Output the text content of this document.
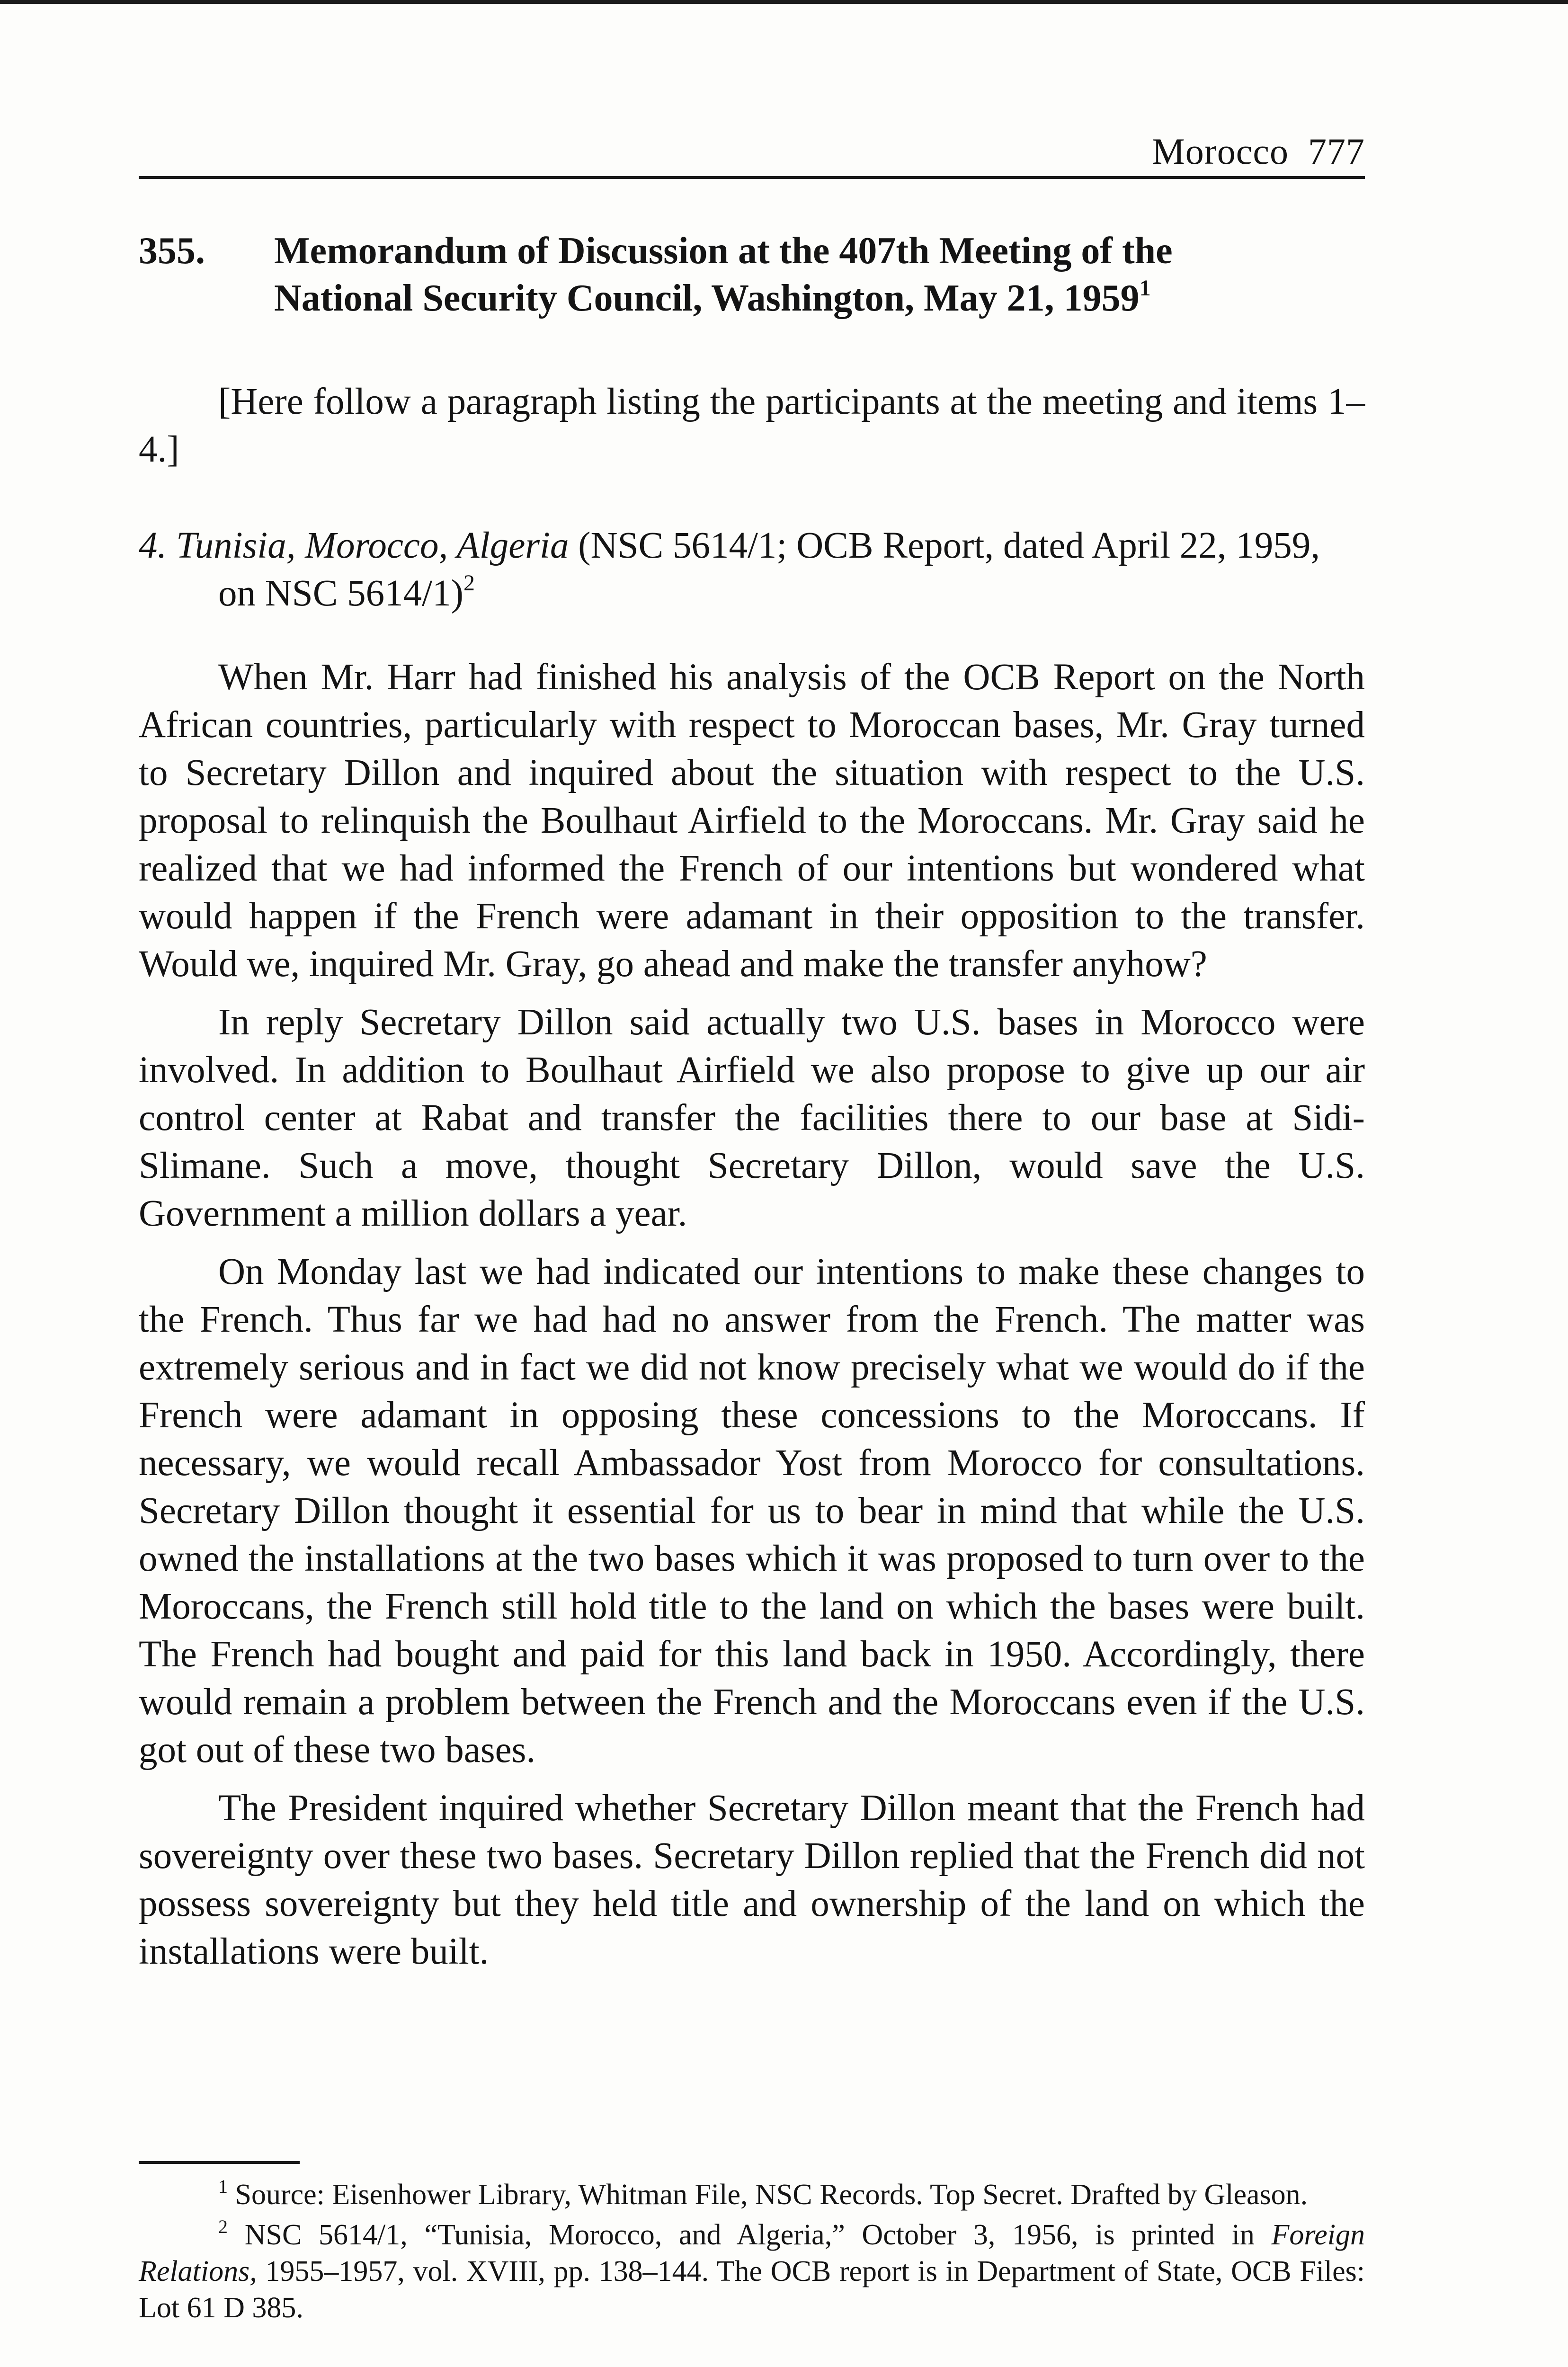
Morocco  777
355. Memorandum of Discussion at the 407th Meeting of the
National Security Council, Washington, May 21, 1959$^1$

[Here follow a paragraph listing the participants at the meeting and items 1–4.]

4. Tunisia, Morocco, Algeria (NSC 5614/1; OCB Report, dated April 22, 1959, on NSC 5614/1)$^2$

When Mr. Harr had finished his analysis of the OCB Report on the North African countries, particularly with respect to Moroccan bases, Mr. Gray turned to Secretary Dillon and inquired about the situation with respect to the U.S. proposal to relinquish the Boulhaut Airfield to the Moroccans. Mr. Gray said he realized that we had informed the French of our intentions but wondered what would happen if the French were adamant in their opposition to the transfer. Would we, inquired Mr. Gray, go ahead and make the transfer anyhow?

In reply Secretary Dillon said actually two U.S. bases in Morocco were involved. In addition to Boulhaut Airfield we also propose to give up our air control center at Rabat and transfer the facilities there to our base at Sidi-Slimane. Such a move, thought Secretary Dillon, would save the U.S. Government a million dollars a year.

On Monday last we had indicated our intentions to make these changes to the French. Thus far we had had no answer from the French. The matter was extremely serious and in fact we did not know precisely what we would do if the French were adamant in opposing these concessions to the Moroccans. If necessary, we would recall Ambassador Yost from Morocco for consultations. Secretary Dillon thought it essential for us to bear in mind that while the U.S. owned the installations at the two bases which it was proposed to turn over to the Moroccans, the French still hold title to the land on which the bases were built. The French had bought and paid for this land back in 1950. Accordingly, there would remain a problem between the French and the Moroccans even if the U.S. got out of these two bases.

The President inquired whether Secretary Dillon meant that the French had sovereignty over these two bases. Secretary Dillon replied that the French did not possess sovereignty but they held title and ownership of the land on which the installations were built.

$^1$ Source: Eisenhower Library, Whitman File, NSC Records. Top Secret. Drafted by Gleason.

$^2$ NSC 5614/1, “Tunisia, Morocco, and Algeria,” October 3, 1956, is printed in Foreign Relations, 1955–1957, vol. XVIII, pp. 138–144. The OCB report is in Department of State, OCB Files: Lot 61 D 385.
